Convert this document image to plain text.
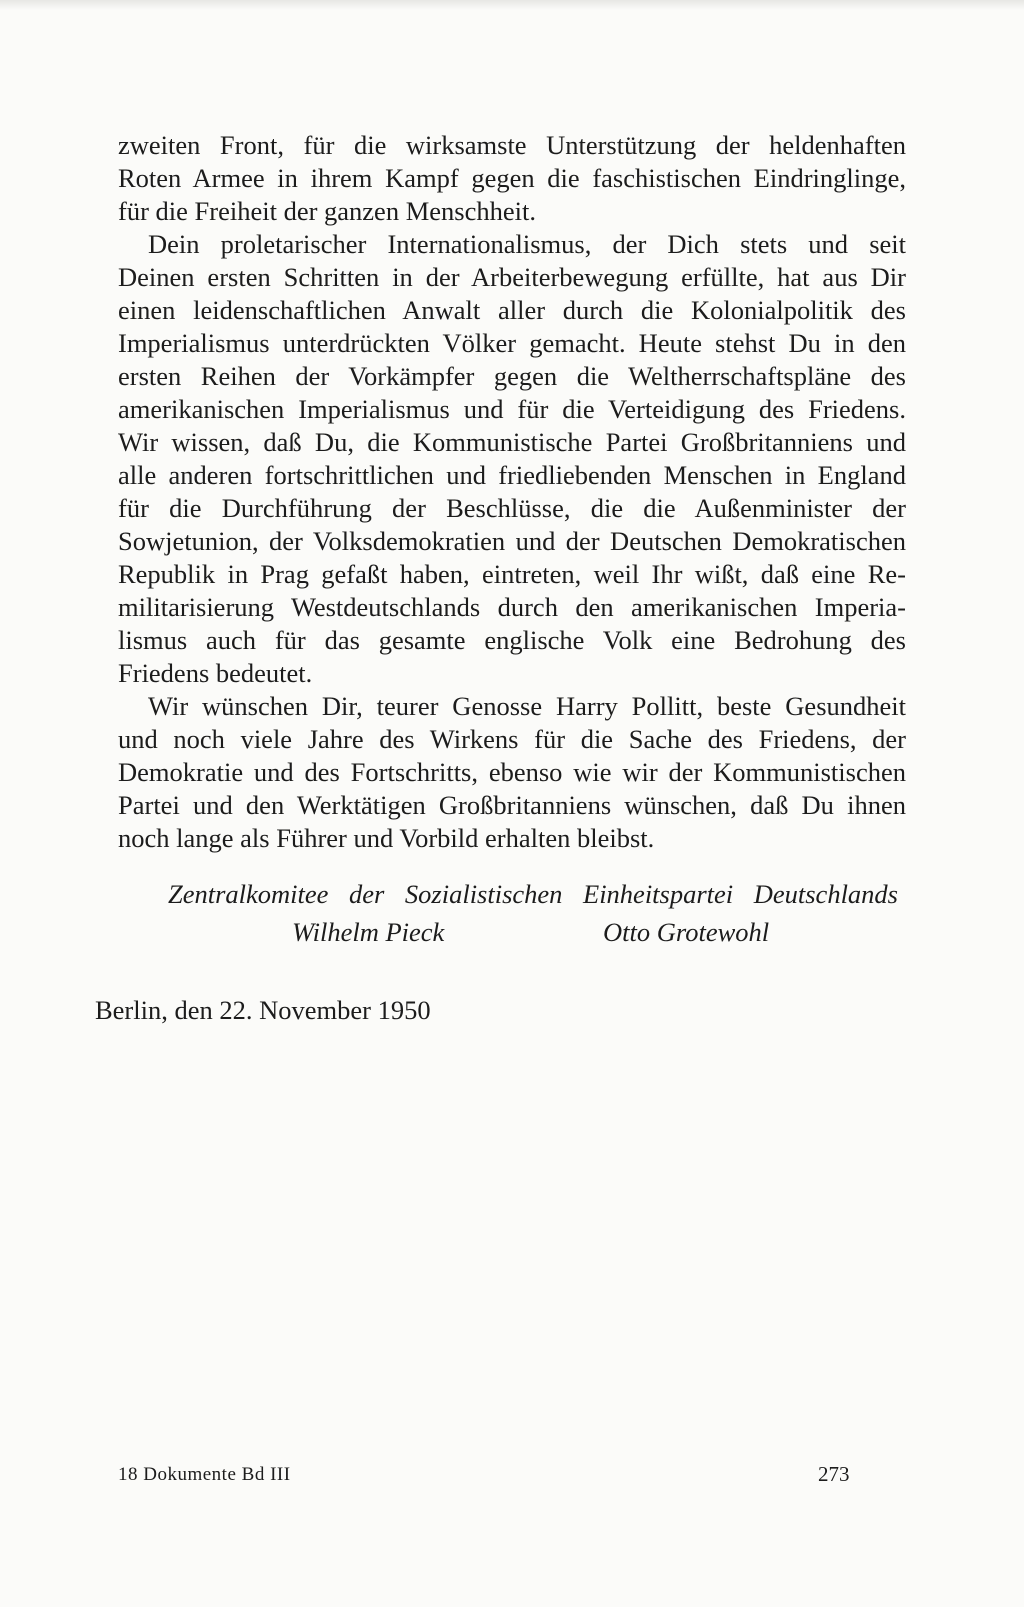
zweiten Front, für die wirksamste Unterstützung der heldenhaften
Roten Armee in ihrem Kampf gegen die faschistischen Eindringlinge,
für die Freiheit der ganzen Menschheit.
Dein proletarischer Internationalismus, der Dich stets und seit
Deinen ersten Schritten in der Arbeiterbewegung erfüllte, hat aus Dir
einen leidenschaftlichen Anwalt aller durch die Kolonialpolitik des
Imperialismus unterdrückten Völker gemacht. Heute stehst Du in den
ersten Reihen der Vorkämpfer gegen die Weltherrschaftspläne des
amerikanischen Imperialismus und für die Verteidigung des Friedens.
Wir wissen, daß Du, die Kommunistische Partei Großbritanniens und
alle anderen fortschrittlichen und friedliebenden Menschen in England
für die Durchführung der Beschlüsse, die die Außenminister der
Sowjetunion, der Volksdemokratien und der Deutschen Demokratischen
Republik in Prag gefaßt haben, eintreten, weil Ihr wißt, daß eine Re-
militarisierung Westdeutschlands durch den amerikanischen Imperia-
lismus auch für das gesamte englische Volk eine Bedrohung des
Friedens bedeutet.
Wir wünschen Dir, teurer Genosse Harry Pollitt, beste Gesundheit
und noch viele Jahre des Wirkens für die Sache des Friedens, der
Demokratie und des Fortschritts, ebenso wie wir der Kommunistischen
Partei und den Werktätigen Großbritanniens wünschen, daß Du ihnen
noch lange als Führer und Vorbild erhalten bleibst.
Zentralkomitee der Sozialistischen Einheitspartei Deutschlands
Wilhelm Pieck	Otto Grotewohl
Berlin, den 22. November 1950
18 Dokumente Bd III	273
